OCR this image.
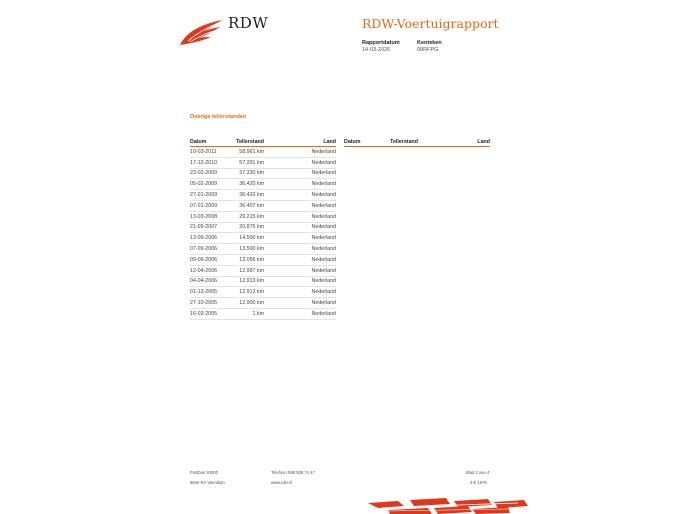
RDW	RDW-Voertuigrapport
Rapportdatum
14-03-2026
Kenteken
08RFPG
Overige tellerstanden
Datum	Tellerstand	Land
10-03-2011	58.961 km	Nederland
17-12-2010	57.291 km	Nederland
23-02-2009	37.330 km	Nederland
05-02-2009	36.420 km	Nederland
27-01-2009	36.420 km	Nederland
07-01-2009	36.407 km	Nederland
13-03-2008	29.215 km	Nederland
21-05-2007	20.875 km	Nederland
13-09-2006	14.500 km	Nederland
07-09-2006	13.500 km	Nederland
09-06-2006	13.056 km	Nederland
12-04-2006	12.997 km	Nederland
04-04-2006	12.913 km	Nederland
01-12-2005	12.913 km	Nederland
27-10-2005	12.900 km	Nederland
16-03-2005	1 km	Nederland
Datum	Tellerstand	Land
Postbus 30000
9640 RA Veendam
Telefoon 088 008 74 47
www.rdw.nl
Blad 2 van 4
3 E 1678
